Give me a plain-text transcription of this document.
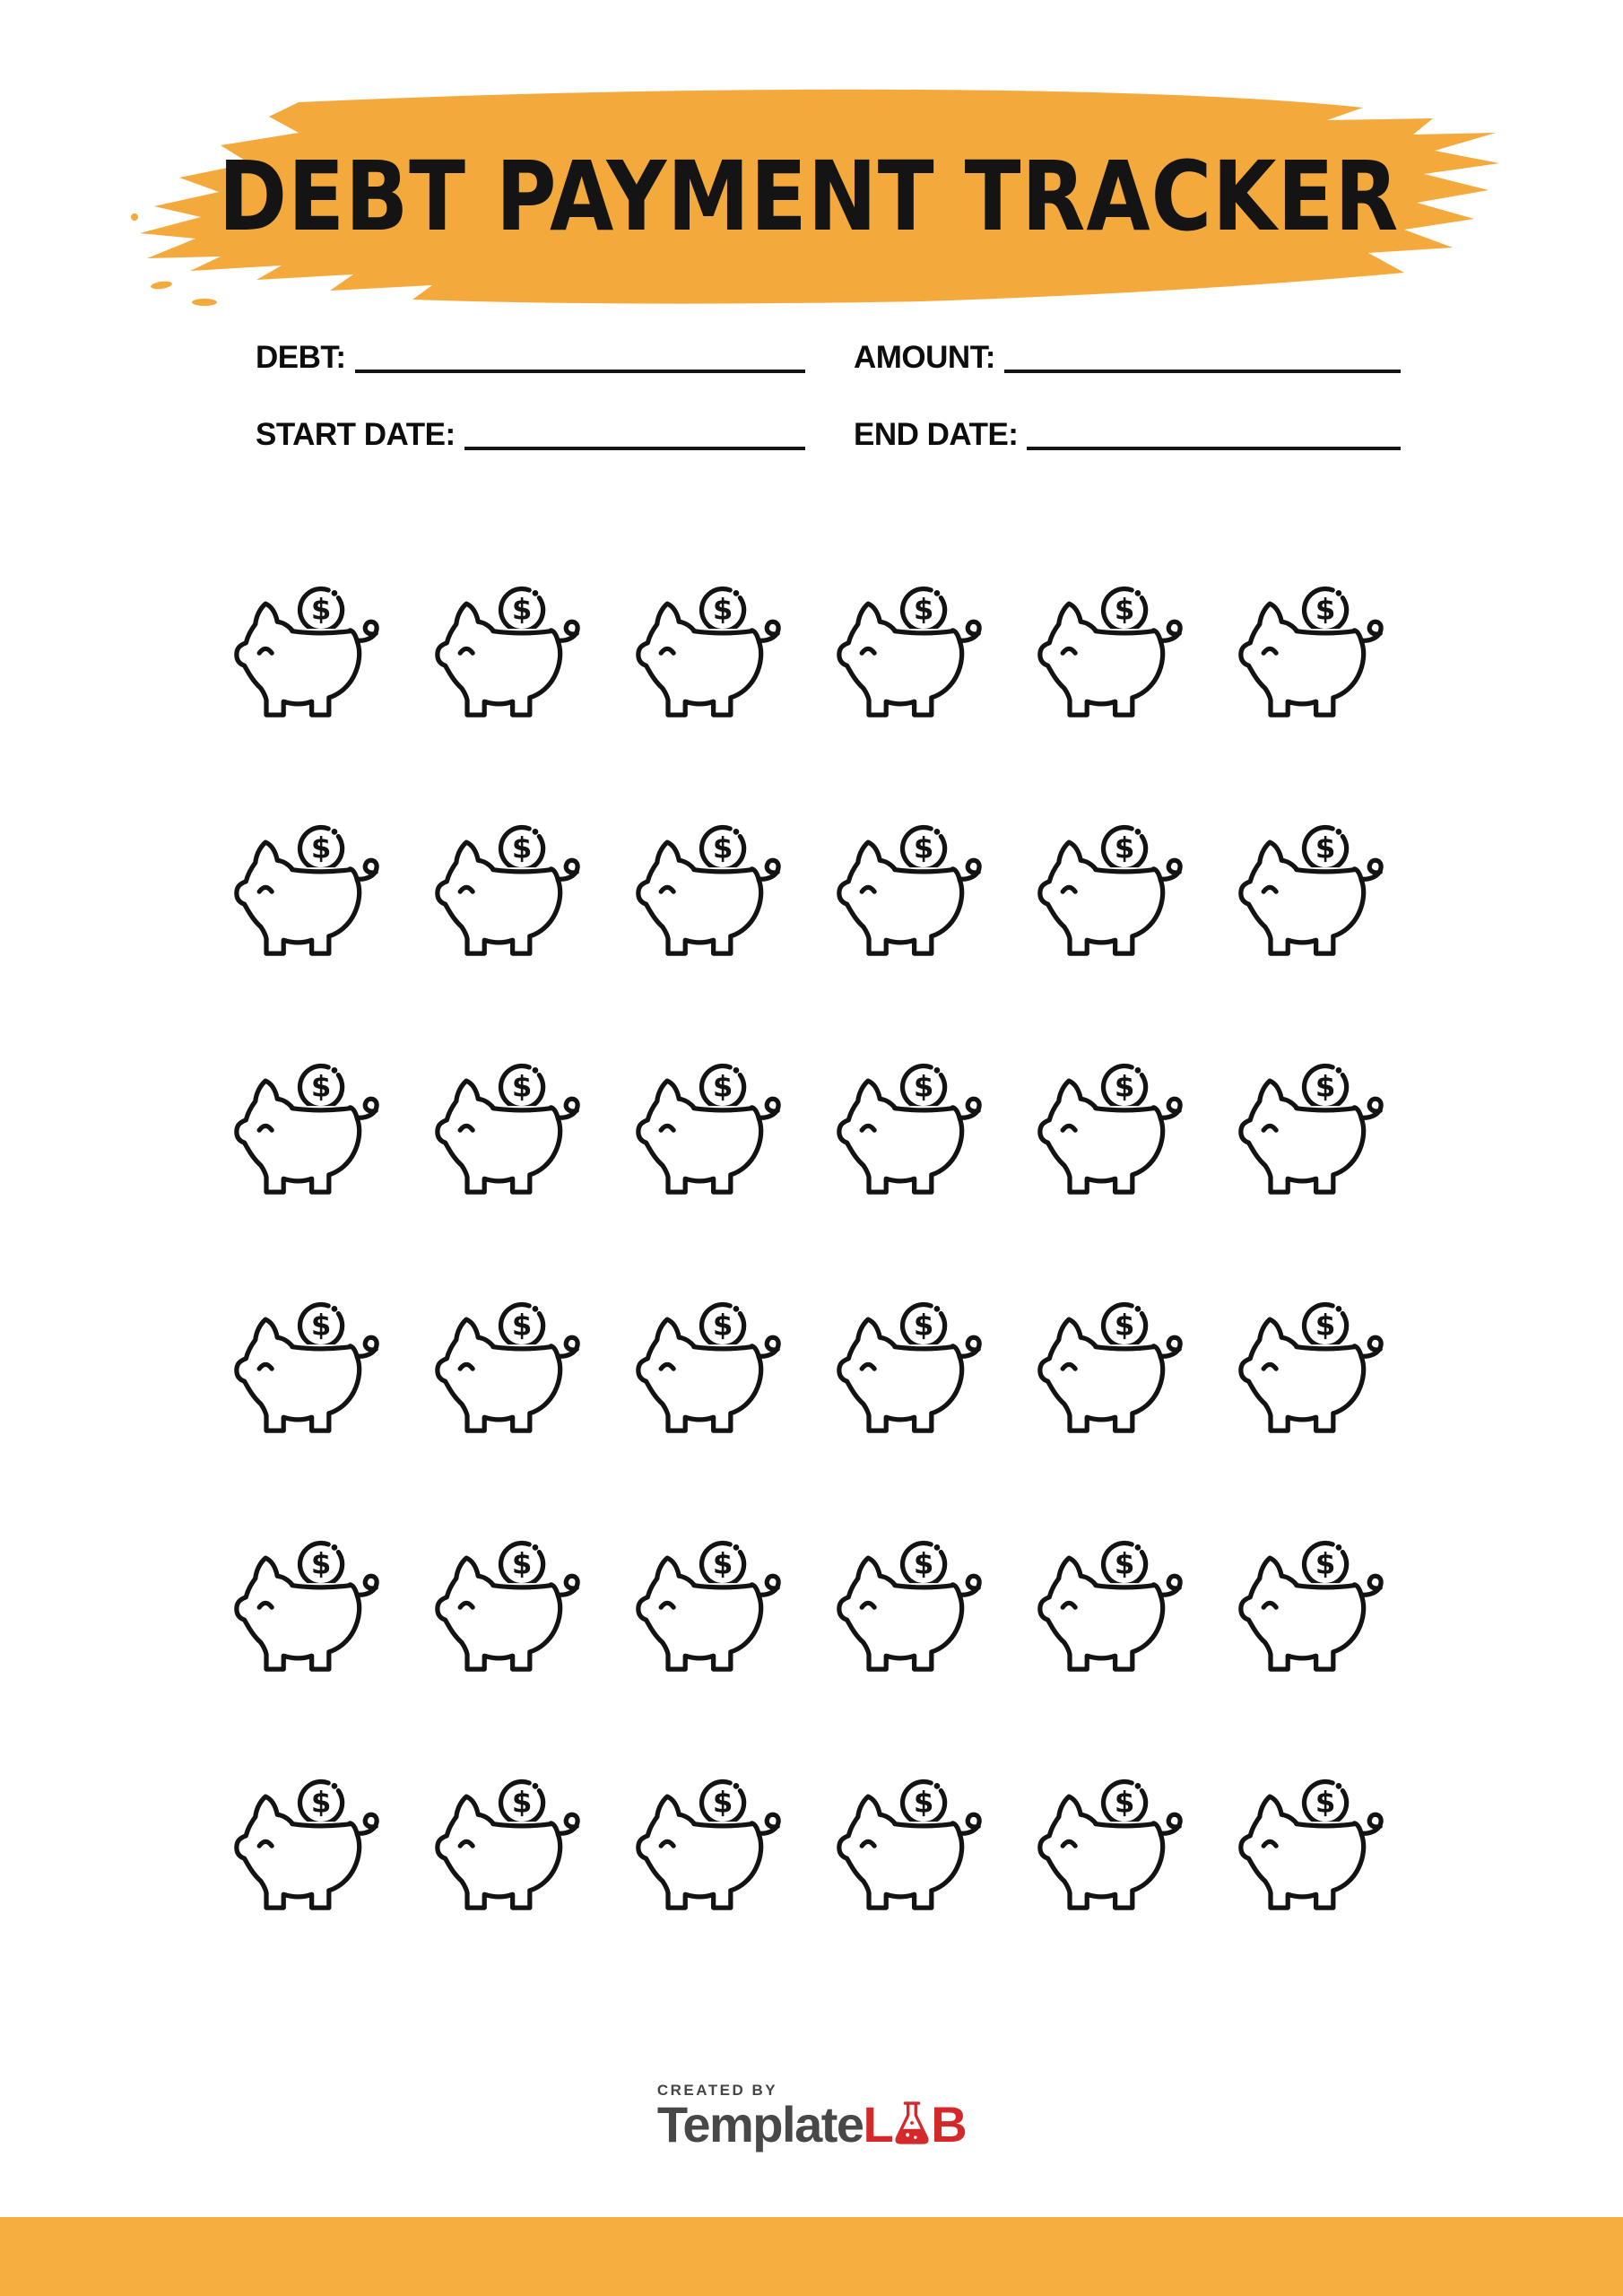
DEBT PAYMENT TRACKER
DEBT:	AMOUNT:
START DATE:	END DATE:
$	$	$	$	$	$
$	$	$	$	$	$
$	$	$	$	$	$
$	$	$	$	$	$
$	$	$	$	$	$
$	$	$	$	$	$
CREATED BY
Template L B
